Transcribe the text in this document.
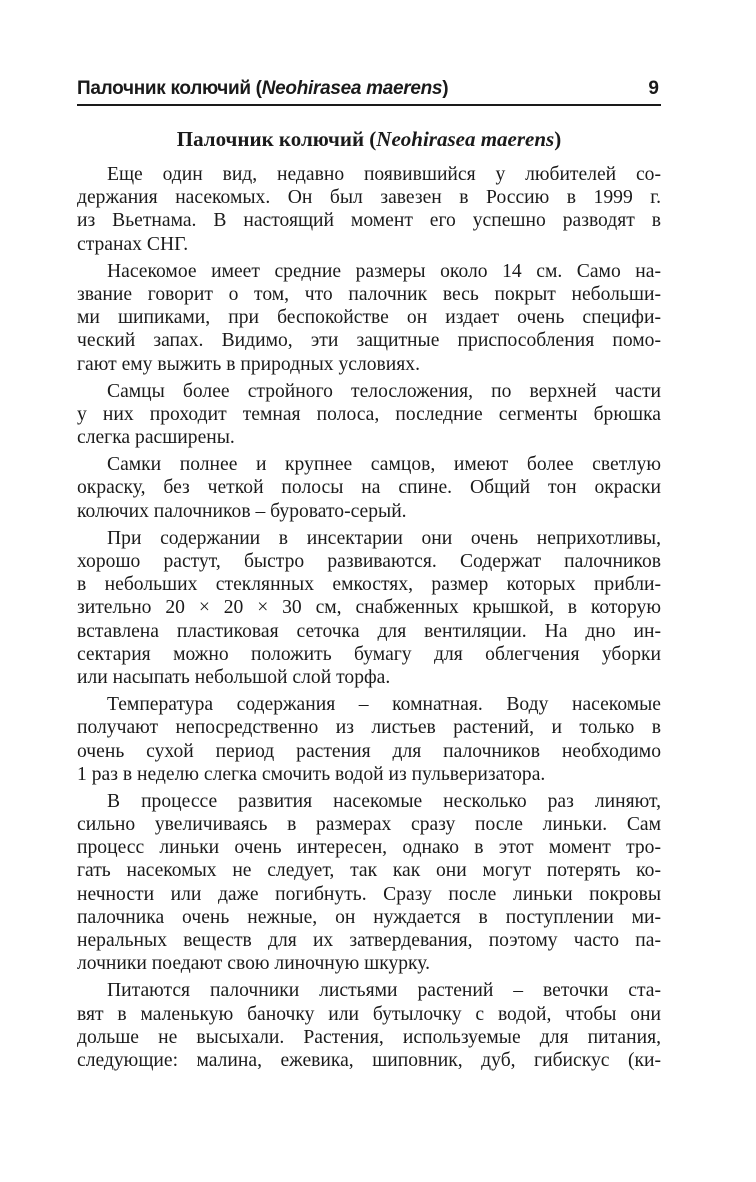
Палочник колючий (Neohirasea maerens)	9
Палочник колючий (Neohirasea maerens)
Еще один вид, недавно появившийся у любителей со-
держания насекомых. Он был завезен в Россию в 1999 г.
из Вьетнама. В настоящий момент его успешно разводят в
странах СНГ.
Насекомое имеет средние размеры около 14 см. Само на-
звание говорит о том, что палочник весь покрыт небольши-
ми шипиками, при беспокойстве он издает очень специфи-
ческий запах. Видимо, эти защитные приспособления помо-
гают ему выжить в природных условиях.
Самцы более стройного телосложения, по верхней части
у них проходит темная полоса, последние сегменты брюшка
слегка расширены.
Самки полнее и крупнее самцов, имеют более светлую
окраску, без четкой полосы на спине. Общий тон окраски
колючих палочников – буровато-серый.
При содержании в инсектарии они очень неприхотливы,
хорошо растут, быстро развиваются. Содержат палочников
в небольших стеклянных емкостях, размер которых прибли-
зительно 20 × 20 × 30 см, снабженных крышкой, в которую
вставлена пластиковая сеточка для вентиляции. На дно ин-
сектария можно положить бумагу для облегчения уборки
или насыпать небольшой слой торфа.
Температура содержания – комнатная. Воду насекомые
получают непосредственно из листьев растений, и только в
очень сухой период растения для палочников необходимо
1 раз в неделю слегка смочить водой из пульверизатора.
В процессе развития насекомые несколько раз линяют,
сильно увеличиваясь в размерах сразу после линьки. Сам
процесс линьки очень интересен, однако в этот момент тро-
гать насекомых не следует, так как они могут потерять ко-
нечности или даже погибнуть. Сразу после линьки покровы
палочника очень нежные, он нуждается в поступлении ми-
неральных веществ для их затвердевания, поэтому часто па-
лочники поедают свою линочную шкурку.
Питаются палочники листьями растений – веточки ста-
вят в маленькую баночку или бутылочку с водой, чтобы они
дольше не высыхали. Растения, используемые для питания,
следующие: малина, ежевика, шиповник, дуб, гибискус (ки-
